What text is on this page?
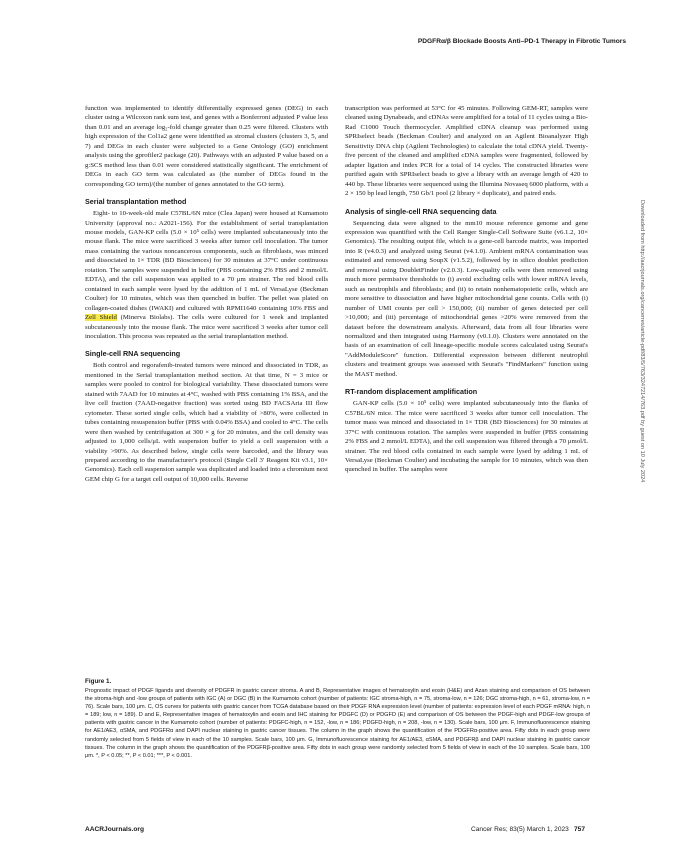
PDGFRα/β Blockade Boosts Anti–PD-1 Therapy in Fibrotic Tumors
Downloaded from http://aacrjournals.org/cancerres/article-pdf/83/5/763/3247214/763.pdf by guest on 10 July 2024

function was implemented to identify differentially expressed genes (DEG) in each cluster using a Wilcoxon rank sum test, and genes with a Bonferroni adjusted P value less than 0.01 and an average log₂-fold change greater than 0.25 were filtered. Clusters with high expression of the Col1a2 gene were identified as stromal clusters (clusters 3, 5, and 7) and DEGs in each cluster were subjected to a Gene Ontology (GO) enrichment analysis using the gprofiler2 package (20). Pathways with an adjusted P value based on a g:SCS method less than 0.01 were considered statistically significant. The enrichment of DEGs in each GO term was calculated as (the number of DEGs found in the corresponding GO term)/(the number of genes annotated to the GO term).

Serial transplantation method

Eight- to 10-week-old male C57BL/6N mice (Clea Japan) were housed at Kumamoto University (approval no.: A2021-156). For the establishment of serial transplantation mouse models, GAN-KP cells (5.0 × 10⁵ cells) were implanted subcutaneously into the mouse flank. The mice were sacrificed 3 weeks after tumor cell inoculation. The tumor mass containing the various noncancerous components, such as fibroblasts, was minced and dissociated in 1× TDR (BD Biosciences) for 30 minutes at 37°C under continuous rotation. The samples were suspended in buffer (PBS containing 2% FBS and 2 mmol/L EDTA), and the cell suspension was applied to a 70 μm strainer. The red blood cells contained in each sample were lysed by the addition of 1 mL of VersaLyse (Beckman Coulter) for 10 minutes, which was then quenched in buffer. The pellet was plated on collagen-coated dishes (IWAKI) and cultured with RPMI1640 containing 10% FBS and Zell Shield (Minerva Biolabs). The cells were cultured for 1 week and implanted subcutaneously into the mouse flank. The mice were sacrificed 3 weeks after tumor cell inoculation. This process was repeated as the serial transplantation method.

Single-cell RNA sequencing

Both control and regorafenib-treated tumors were minced and dissociated in TDR, as mentioned in the Serial transplantation method section. At that time, N = 3 mice or samples were pooled to control for biological variability. These dissociated tumors were stained with 7AAD for 10 minutes at 4°C, washed with PBS containing 1% BSA, and the live cell fraction (7AAD-negative fraction) was sorted using BD FACSAria III flow cytometer. These sorted single cells, which had a viability of >80%, were collected in tubes containing resuspension buffer (PBS with 0.04% BSA) and cooled to 4°C. The cells were then washed by centrifugation at 300 × g for 20 minutes, and the cell density was adjusted to 1,000 cells/μL with suspension buffer to yield a cell suspension with a viability >90%. As described below, single cells were barcoded, and the library was prepared according to the manufacturer's protocol (Single Cell 3′ Reagent Kit v3.1, 10× Genomics). Each cell suspension sample was duplicated and loaded into a chromium next GEM chip G for a target cell output of 10,000 cells. Reverse

transcription was performed at 53°C for 45 minutes. Following GEM-RT, samples were cleaned using Dynabeads, and cDNAs were amplified for a total of 11 cycles using a Bio-Rad C1000 Touch thermocycler. Amplified cDNA cleanup was performed using SPRIselect beads (Beckman Coulter) and analyzed on an Agilent Bioanalyzer High Sensitivity DNA chip (Agilent Technologies) to calculate the total cDNA yield. Twenty-five percent of the cleaned and amplified cDNA samples were fragmented, followed by adapter ligation and index PCR for a total of 14 cycles. The constructed libraries were purified again with SPRIselect beads to give a library with an average length of 420 to 440 bp. These libraries were sequenced using the Illumina Novaseq 6000 platform, with a 2 × 150 bp lead length, 750 Gb/1 pool (2 library × duplicate), and paired ends.

Analysis of single-cell RNA sequencing data

Sequencing data were aligned to the mm10 mouse reference genome and gene expression was quantified with the Cell Ranger Single-Cell Software Suite (v6.1.2, 10× Genomics). The resulting output file, which is a gene-cell barcode matrix, was imported into R (v4.0.3) and analyzed using Seurat (v4.1.0). Ambient mRNA contamination was estimated and removed using SoupX (v1.5.2), followed by in silico doublet prediction and removal using DoubletFinder (v2.0.3). Low-quality cells were then removed using much more permissive thresholds to (i) avoid excluding cells with lower mRNA levels, such as neutrophils and fibroblasts; and (ii) to retain nonhematopoietic cells, which are more sensitive to dissociation and have higher mitochondrial gene counts. Cells with (i) number of UMI counts per cell > 150,000; (ii) number of genes detected per cell >10,000; and (iii) percentage of mitochondrial genes >20% were removed from the dataset before the downstream analysis. Afterward, data from all four libraries were normalized and then integrated using Harmony (v0.1.0). Clusters were annotated on the basis of an examination of cell lineage-specific module scores calculated using Seurat's "AddModuleScore" function. Differential expression between different neutrophil clusters and treatment groups was assessed with Seurat's "FindMarkers" function using the MAST method.

RT-random displacement amplification

GAN-KP cells (5.0 × 10⁵ cells) were implanted subcutaneously into the flanks of C57BL/6N mice. The mice were sacrificed 3 weeks after tumor cell inoculation. The tumor mass was minced and dissociated in 1× TDR (BD Biosciences) for 30 minutes at 37°C with continuous rotation. The samples were suspended in buffer (PBS containing 2% FBS and 2 mmol/L EDTA), and the cell suspension was filtered through a 70 μmol/L strainer. The red blood cells contained in each sample were lysed by adding 1 mL of VersaLyse (Beckman Coulter) and incubating the sample for 10 minutes, which was then quenched in buffer. The samples were

Figure 1.

Prognostic impact of PDGF ligands and diversity of PDGFR in gastric cancer stroma. A and B, Representative images of hematoxylin and eosin (H&E) and Azan staining and comparison of OS between the stroma-high and -low groups of patients with IGC (A) or DGC (B) in the Kumamoto cohort (number of patients: IGC stroma-high, n = 75, stroma-low, n = 126; DGC stroma-high, n = 61, stroma-low, n = 76). Scale bars, 100 μm. C, OS curves for patients with gastric cancer from TCGA database based on their PDGF RNA expression level (number of patients: expression level of each PDGF mRNA: high, n = 189; low, n = 189). D and E, Representative images of hematoxylin and eosin and IHC staining for PDGFC (D) or PDGFD (E) and comparison of OS between the PDGF-high and PDGF-low groups of patients with gastric cancer in the Kumamoto cohort (number of patients: PDGFC-high, n = 152, -low, n = 186; PDGFD-high, n = 208, -low, n = 130). Scale bars, 100 μm. F, Immunofluorescence staining for AE1/AE3, αSMA, and PDGFRα and DAPI nuclear staining in gastric cancer tissues. The column in the graph shows the quantification of the PDGFRα-positive area. Fifty dots in each group were randomly selected from 5 fields of view in each of the 10 samples. Scale bars, 100 μm. G, Immunofluorescence staining for AE1/AE3, αSMA, and PDGFRβ and DAPI nuclear staining in gastric cancer tissues. The column in the graph shows the quantification of the PDGFRβ-positive area. Fifty dots in each group were randomly selected from 5 fields of view in each of the 10 samples. Scale bars, 100 μm. *, P < 0.05; **, P < 0.01; ***, P < 0.001.

AACRJournals.org	Cancer Res; 83(5) March 1, 2023 757
